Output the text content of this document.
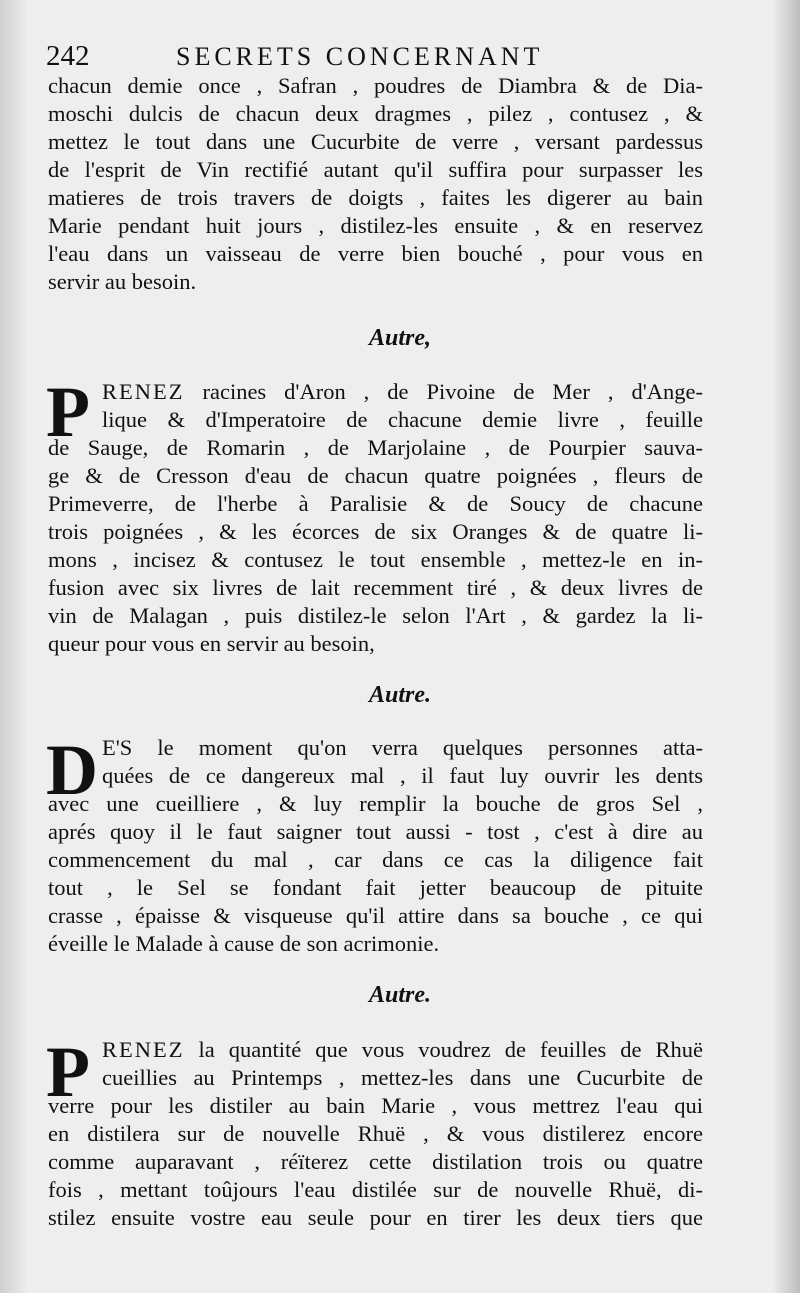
242	SECRETS CONCERNANT
chacun demie once , Safran , poudres de Diambra & de Dia-
moschi dulcis de chacun deux dragmes , pilez , contusez , &
mettez le tout dans une Cucurbite de verre , versant pardessus
de l'esprit de Vin rectifié autant qu'il suffira pour surpasser les
matieres de trois travers de doigts , faites les digerer au bain
Marie pendant huit jours , distilez-les ensuite , & en reservez
l'eau dans un vaisseau de verre bien bouché , pour vous en
servir au besoin.
Autre,
P RENEZ racines d'Aron , de Pivoine de Mer , d'Ange-
lique & d'Imperatoire de chacune demie livre , feuille
de Sauge, de Romarin , de Marjolaine , de Pourpier sauva-
ge & de Cresson d'eau de chacun quatre poignées , fleurs de
Primeverre, de l'herbe à Paralisie & de Soucy de chacune
trois poignées , & les écorces de six Oranges & de quatre li-
mons , incisez & contusez le tout ensemble , mettez-le en in-
fusion avec six livres de lait recemment tiré , & deux livres de
vin de Malagan , puis distilez-le selon l'Art , & gardez la li-
queur pour vous en servir au besoin,
Autre.
D E'S le moment qu'on verra quelques personnes atta-
quées de ce dangereux mal , il faut luy ouvrir les dents
avec une cueilliere , & luy remplir la bouche de gros Sel ,
aprés quoy il le faut saigner tout aussi - tost , c'est à dire au
commencement du mal , car dans ce cas la diligence fait
tout , le Sel se fondant fait jetter beaucoup de pituite
crasse , épaisse & visqueuse qu'il attire dans sa bouche , ce qui
éveille le Malade à cause de son acrimonie.
Autre.
P RENEZ la quantité que vous voudrez de feuilles de Rhuë
cueillies au Printemps , mettez-les dans une Cucurbite de
verre pour les distiler au bain Marie , vous mettrez l'eau qui
en distilera sur de nouvelle Rhuë , & vous distilerez encore
comme auparavant , réïterez cette distilation trois ou quatre
fois , mettant toûjours l'eau distilée sur de nouvelle Rhuë, di-
stilez ensuite vostre eau seule pour en tirer les deux tiers que
